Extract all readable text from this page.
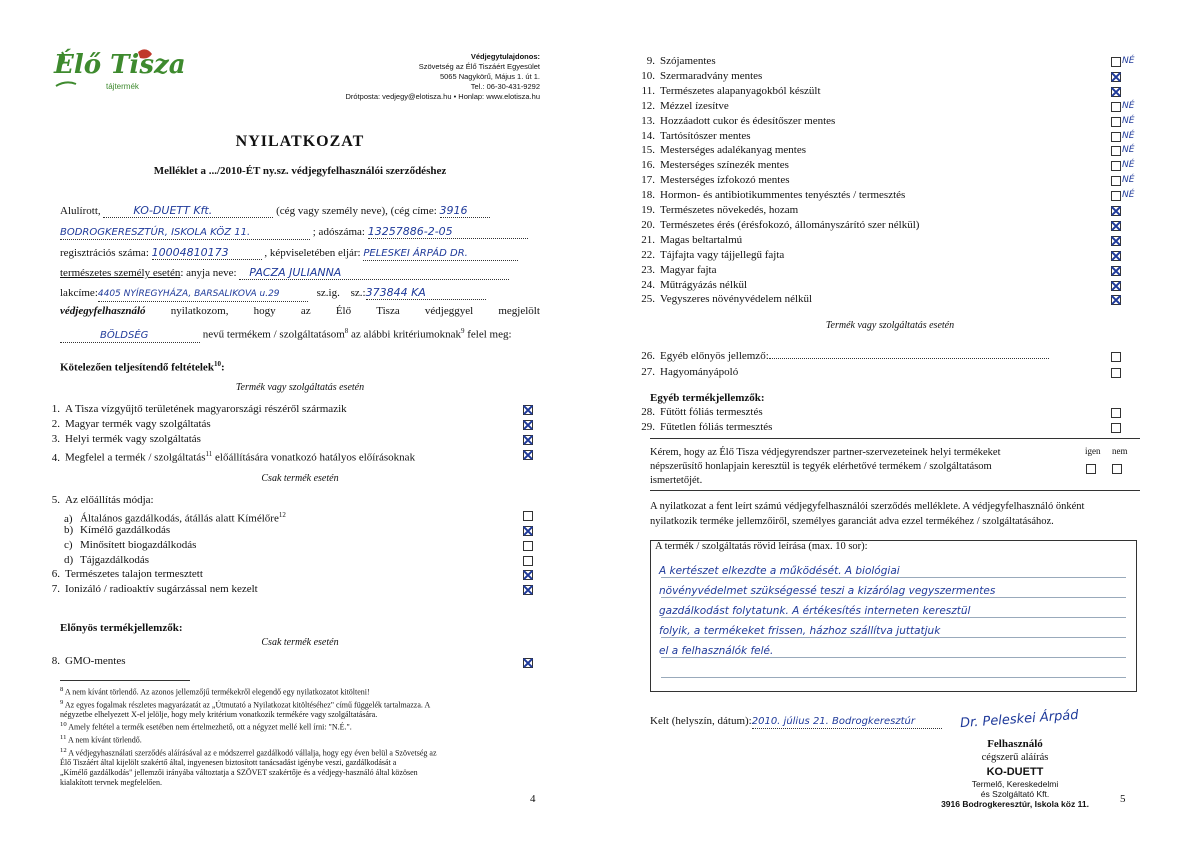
Élő Tisza
tájtermék
Védjegytulajdonos:
Szövetség az Élő Tiszáért Egyesület
5065 Nagykörű, Május 1. út 1.
Tel.: 06-30-431-9292
Drótposta: vedjegy@elotisza.hu • Honlap: www.elotisza.hu
NYILATKOZAT
Melléklet a .../2010-ÉT ny.sz. védjegyfelhasználói szerződéshez
Alulírott,	KO-DUETT Kft.	(cég vagy személy neve), (cég címe: 3916
BODROGKERESZTÚR, ISKOLA KÖZ 11.	; adószáma: 13257886-2-05
regisztrációs száma: 10004810173	, képviseletében eljár: PELESKEI ÁRPÁD DR.
természetes személy esetén: anyja neve: PACZA JULIANNA
lakcíme:4405 NYÍREGYHÁZA, BARSALIKOVA u.29	sz.ig. sz.:373844 KA
védjegyfelhasználó nyilatkozom, hogy az Élő Tisza védjeggyel megjelölt
BÖLDSÉG	nevű termékem / szolgáltatásom$^8$ az alábbi kritériumoknak$^9$ felel meg:
Kötelezően teljesítendő feltételek$^{10}$:
Termék vagy szolgáltatás esetén
1. A Tisza vízgyűjtő területének magyarországi részéről származik
2. Magyar termék vagy szolgáltatás
3. Helyi termék vagy szolgáltatás
4. Megfelel a termék / szolgáltatás$^{11}$ előállítására vonatkozó hatályos előírásoknak
Csak termék esetén
5. Az előállítás módja:
a) Általános gazdálkodás, átállás alatt Kímélőre$^{12}$
b) Kímélő gazdálkodás
c) Minősített biogazdálkodás
d) Tájgazdálkodás
6. Természetes talajon termesztett
7. Ionizáló / radioaktív sugárzással nem kezelt
Előnyös termékjellemzők:
Csak termék esetén
8. GMO-mentes
$^8$ A nem kívánt törlendő. Az azonos jellemzőjű termékekről elegendő egy nyilatkozatot kitölteni!
$^9$ Az egyes fogalmak részletes magyarázatát az „Útmutató a Nyilatkozat kitöltéséhez" című függelék tartalmazza. A
négyzetbe elhelyezett X-el jelölje, hogy mely kritérium vonatkozik termékére vagy szolgáltatására.
$^{10}$ Amely feltétel a termék esetében nem értelmezhető, ott a négyzet mellé kell írni: "N.É.".
$^{11}$ A nem kívánt törlendő.
$^{12}$ A védjegyhasználati szerződés aláírásával az e módszerrel gazdálkodó vállalja, hogy egy éven belül a Szövetség az
Élő Tiszáért által kijelölt szakértő által, ingyenesen biztosított tanácsadást igénybe veszi, gazdálkodását a
„Kímélő gazdálkodás" jellemzői irányába változtatja a SZÖVET szakértője és a védjegy-használó által közösen
kialakított tervnek megfelelően.
4
9. Szójamentes	NÉ
10. Szermaradvány mentes
11. Természetes alapanyagokból készült
12. Mézzel ízesítve	NÉ
13. Hozzáadott cukor és édesítőszer mentes	NÉ
14. Tartósítószer mentes	NÉ
15. Mesterséges adalékanyag mentes	NÉ
16. Mesterséges színezék mentes	NÉ
17. Mesterséges ízfokozó mentes	NÉ
18. Hormon- és antibiotikummentes tenyésztés / termesztés	NÉ
19. Természetes növekedés, hozam
20. Természetes érés (érésfokozó, állományszárító szer nélkül)
21. Magas beltartalmú
22. Tájfajta vagy tájjellegű fajta
23. Magyar fajta
24. Műtrágyázás nélkül
25. Vegyszeres növényvédelem nélkül
Termék vagy szolgáltatás esetén
26. Egyéb előnyös jellemző:
27. Hagyományápoló
Egyéb termékjellemzők:
28. Fűtött fóliás termesztés
29. Fűtetlen fóliás termesztés
Kérem, hogy az Élő Tisza védjegyrendszer partner-szervezeteinek helyi termékeket
népszerűsítő honlapjain keresztül is tegyék elérhetővé termékem / szolgáltatásom
ismertetőjét.
igen nem
A nyilatkozat a fent leírt számú védjegyfelhasználói szerződés melléklete. A védjegyfelhasználó önként
nyilatkozik terméke jellemzőiről, személyes garanciát adva ezzel termékéhez / szolgáltatásához.
A termék / szolgáltatás rövid leírása (max. 10 sor):
A kertészet elkezdte a működését. A biológiai
növényvédelmet szükségessé teszi a kizárólag vegyszermentes
gazdálkodást folytatunk. A értékesítés interneten keresztül
folyik, a termékeket frissen, házhoz szállítva juttatjuk
el a felhasználók felé.
Kelt (helyszín, dátum):2010. július 21. Bodrogkeresztúr	Dr. Peleskei Árpád
Felhasználó
cégszerű aláírás
KO-DUETT
Termelő, Kereskedelmi
és Szolgáltató Kft.
3916 Bodrogkeresztúr, Iskola köz 11.	5
